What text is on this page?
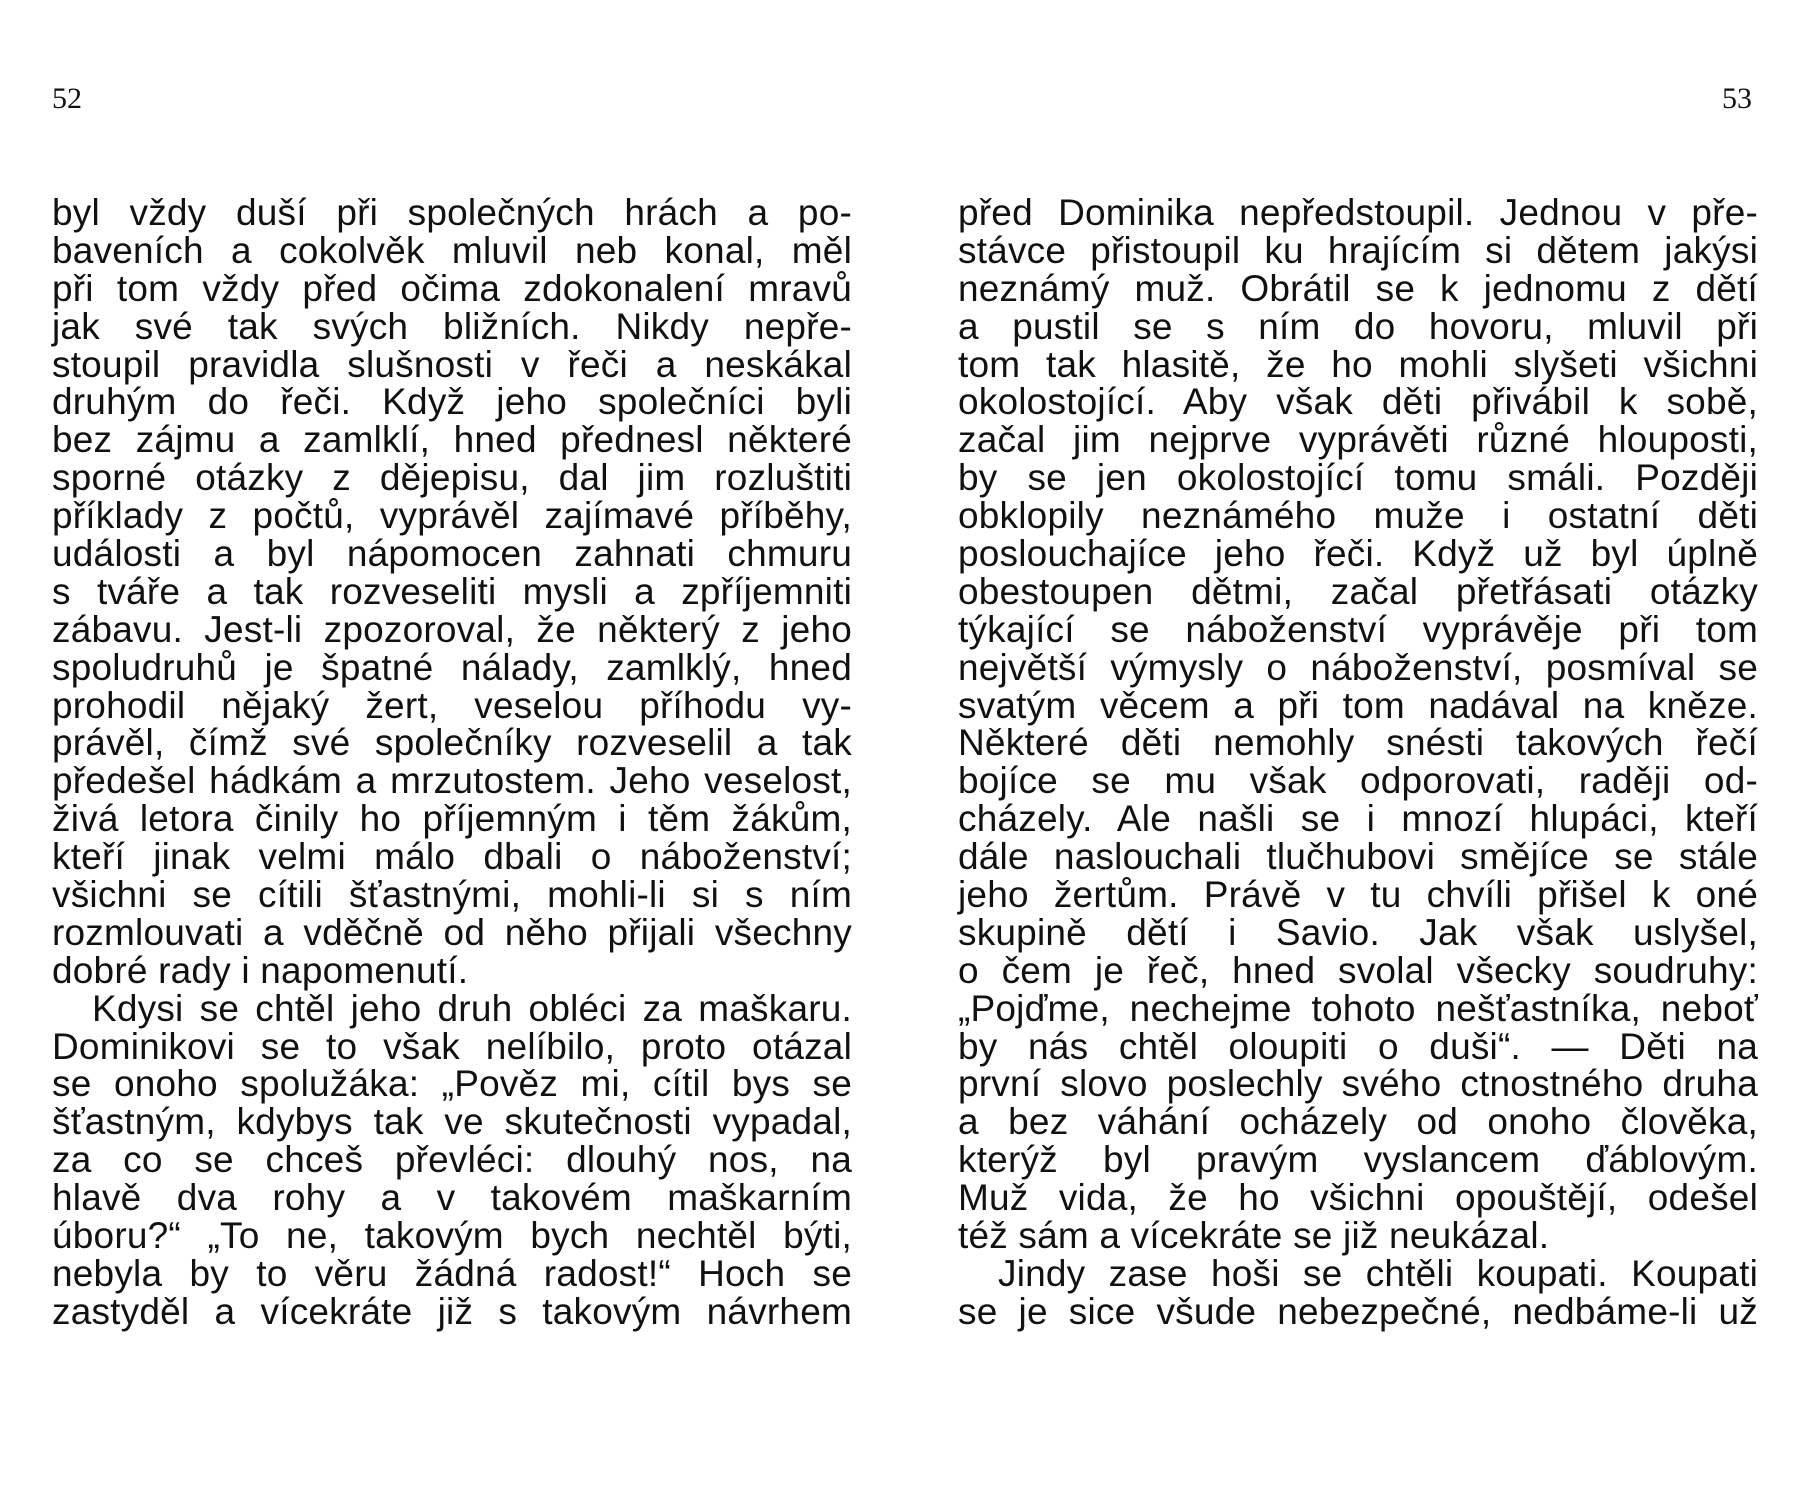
52	53
byl vždy duší při společných hrách a po-
baveních a cokolvěk mluvil neb konal, měl
při tom vždy před očima zdokonalení mravů
jak své tak svých bližních. Nikdy nepře-
stoupil pravidla slušnosti v řeči a neskákal
druhým do řeči. Když jeho společníci byli
bez zájmu a zamlklí, hned přednesl některé
sporné otázky z dějepisu, dal jim rozluštiti
příklady z počtů, vyprávěl zajímavé příběhy,
události a byl nápomocen zahnati chmuru
s tváře a tak rozveseliti mysli a zpříjemniti
zábavu. Jest-li zpozoroval, že některý z jeho
spoludruhů je špatné nálady, zamlklý, hned
prohodil nějaký žert, veselou příhodu vy-
právěl, čímž své společníky rozveselil a tak
předešel hádkám a mrzutostem. Jeho veselost,
živá letora činily ho příjemným i těm žákům,
kteří jinak velmi málo dbali o náboženství;
všichni se cítili šťastnými, mohli-li si s ním
rozmlouvati a vděčně od něho přijali všechny
dobré rady i napomenutí.
Kdysi se chtěl jeho druh obléci za maškaru.
Dominikovi se to však nelíbilo, proto otázal
se onoho spolužáka: „Pověz mi, cítil bys se
šťastným, kdybys tak ve skutečnosti vypadal,
za co se chceš převléci: dlouhý nos, na
hlavě dva rohy a v takovém maškarním
úboru?“ „To ne, takovým bych nechtěl býti,
nebyla by to věru žádná radost!“ Hoch se
zastyděl a vícekráte již s takovým návrhem
před Dominika nepředstoupil. Jednou v pře-
stávce přistoupil ku hrajícím si dětem jakýsi
neznámý muž. Obrátil se k jednomu z dětí
a pustil se s ním do hovoru, mluvil při
tom tak hlasitě, že ho mohli slyšeti všichni
okolostojící. Aby však děti přivábil k sobě,
začal jim nejprve vyprávěti různé hlouposti,
by se jen okolostojící tomu smáli. Později
obklopily neznámého muže i ostatní děti
poslouchajíce jeho řeči. Když už byl úplně
obestoupen dětmi, začal přetřásati otázky
týkající se náboženství vyprávěje při tom
největší výmysly o náboženství, posmíval se
svatým věcem a při tom nadával na kněze.
Některé děti nemohly snésti takových řečí
bojíce se mu však odporovati, raději od-
cházely. Ale našli se i mnozí hlupáci, kteří
dále naslouchali tlučhubovi smějíce se stále
jeho žertům. Právě v tu chvíli přišel k oné
skupině dětí i Savio. Jak však uslyšel,
o čem je řeč, hned svolal všecky soudruhy:
„Pojďme, nechejme tohoto nešťastníka, neboť
by nás chtěl oloupiti o duši“. — Děti na
první slovo poslechly svého ctnostného druha
a bez váhání ocházely od onoho člověka,
kterýž byl pravým vyslancem ďáblovým.
Muž vida, že ho všichni opouštějí, odešel
též sám a vícekráte se již neukázal.
Jindy zase hoši se chtěli koupati. Koupati
se je sice všude nebezpečné, nedbáme-li už
